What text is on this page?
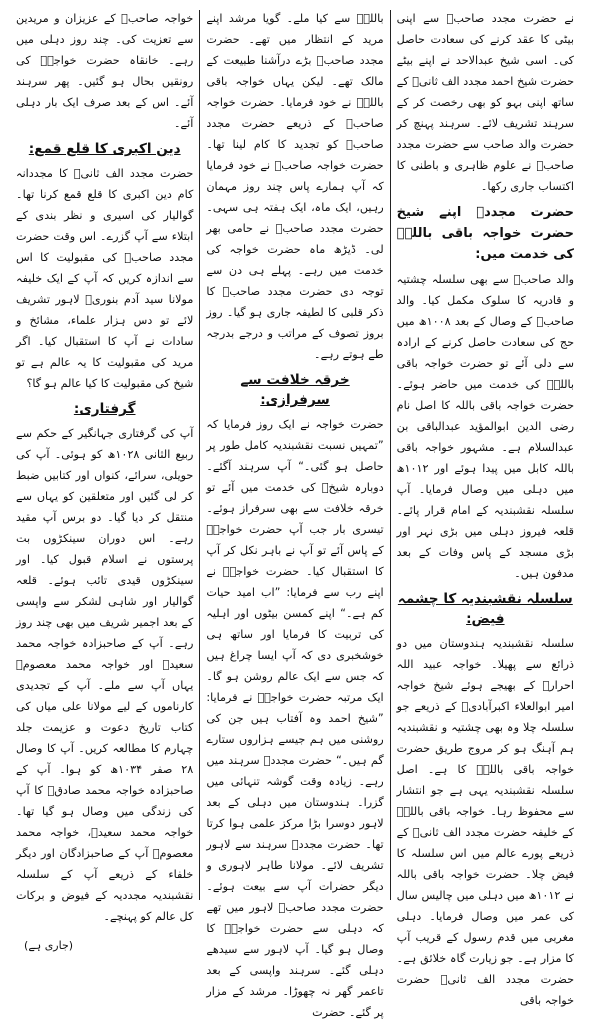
نے حضرت مجدد صاحبؒ سے اپنی بیٹی کا عقد کرنے کی سعادت حاصل کی۔ اسی شیخ عبدالاحد نے اپنے بیٹے حضرت شیخ احمد مجدد الف ثانیؒ کے ساتھ اپنی بہو کو بھی رخصت کر کے سرہند تشریف لائے۔ سرہند پہنچ کر حضرت والد صاحب سے حضرت مجدد صاحبؒ نے علوم ظاہری و باطنی کا اکتساب جاری رکھا۔

حضرت مجددؒ اپنے شیخ حضرت خواجہ باقی باللہؒ کی خدمت میں:

والد صاحبؒ سے بھی سلسلہ چشتیہ و قادریہ کا سلوک مکمل کیا۔ والد صاحبؒ کے وصال کے بعد ۱۰۰۸ھ میں حج کی سعادت حاصل کرنے کے ارادہ سے دلی آئے تو حضرت خواجہ باقی باللہؒ کی خدمت میں حاضر ہوئے۔ حضرت خواجہ باقی باللہ کا اصل نام رضی الدین ابوالمؤید عبدالباقی بن عبدالسلام ہے۔ مشہور خواجہ باقی باللہ کابل میں پیدا ہوئے اور ۱۰۱۲ھ میں دہلی میں وصال فرمایا۔ آپ سلسلہ نقشبندیہ کے امام قرار پائے۔ قلعہ فیروز دہلی میں بڑی نہر اور بڑی مسجد کے پاس وفات کے بعد مدفون ہیں۔

سلسلہ نقشبندیہ کا چشمہ فیض:

سلسلہ نقشبندیہ ہندوستان میں دو ذرائع سے پھیلا۔ خواجہ عبید اللہ احرارؒ کے بھیجے ہوئے شیخ خواجہ امیر ابوالعلاء اکبرآبادیؒ کے ذریعے جو سلسلہ چلا وہ بھی چشتیہ و نقشبندیہ ہم آہنگ ہو کر مروج طریق حضرت خواجہ باقی باللہؒ کا ہے۔ اصل سلسلہ نقشبندیہ یہی ہے جو انتشار سے محفوظ رہا۔ خواجہ باقی باللہؒ کے خلیفہ حضرت مجدد الف ثانیؒ کے ذریعے پورے عالم میں اس سلسلہ کا فیض چلا۔ حضرت خواجہ باقی باللہ نے ۱۰۱۲ھ میں دہلی میں چالیس سال کی عمر میں وصال فرمایا۔ دہلی مغربی میں قدم رسول کے قریب آپ کا مزار ہے۔ جو زیارت گاہ خلائق ہے۔ حضرت مجدد الف ثانیؒ حضرت خواجہ باقی

باللہؒ سے کیا ملے۔ گویا مرشد اپنے مرید کے انتظار میں تھے۔ حضرت مجدد صاحبؒ بڑے درآشنا طبیعت کے مالک تھے۔ لیکن یہاں خواجہ باقی باللہؒ نے خود فرمایا۔ حضرت خواجہ صاحبؒ کے ذریعے حضرت مجدد صاحبؒ کو تجدید کا کام لینا تھا۔ حضرت خواجہ صاحبؒ نے خود فرمایا کہ آپ ہمارے پاس چند روز مہمان رہیں، ایک ماہ، ایک ہفتہ ہی سہی۔ حضرت مجدد صاحبؒ نے حامی بھر لی۔ ڈیڑھ ماہ حضرت خواجہ کی خدمت میں رہے۔ پہلے ہی دن سے توجہ دی حضرت مجدد صاحبؒ کا ذکر قلبی کا لطیفہ جاری ہو گیا۔ روز بروز تصوف کے مراتب و درجے بدرجہ طے ہوتے رہے۔

خرقہ خلافت سے سرفرازی:

حضرت خواجہ نے ایک روز فرمایا کہ ”تمہیں نسبت نقشبندیہ کامل طور پر حاصل ہو گئی۔“ آپ سرہند آگئے۔ دوبارہ شیخؒ کی خدمت میں آئے تو خرقہ خلافت سے بھی سرفراز ہوئے۔ تیسری بار جب آپ حضرت خواجہؒ کے پاس آئے تو آپ نے باہر نکل کر آپ کا استقبال کیا۔ حضرت خواجہؒ نے اپنے رب سے فرمایا: ”اب امید حیات کم ہے۔“ اپنے کمسن بیٹوں اور اہلیہ کی تربیت کا فرمایا اور ساتھ ہی خوشخبری دی کہ آپ ایسا چراغ ہیں کہ جس سے ایک عالم روشن ہو گا۔ ایک مرتبہ حضرت خواجہؒ نے فرمایا: ”شیخ احمد وہ آفتاب ہیں جن کی روشنی میں ہم جیسے ہزاروں ستارے گم ہیں۔“ حضرت مجددؒ سرہند میں رہے۔ زیادہ وقت گوشہ تنہائی میں گزرا۔ ہندوستان میں دہلی کے بعد لاہور دوسرا بڑا مرکز علمی ہوا کرتا تھا۔ حضرت مجددؒ سرہند سے لاہور تشریف لائے۔ مولانا طاہر لاہوری و دیگر حضرات آپ سے بیعت ہوئے۔ حضرت مجدد صاحبؒ لاہور میں تھے کہ دہلی سے حضرت خواجہؒ کا وصال ہو گیا۔ آپ لاہور سے سیدھے دہلی گئے۔ سرہند واپسی کے بعد تاعمر گھر نہ چھوڑا۔ مرشد کے مزار پر گئے۔ حضرت

خواجہ صاحبؒ کے عزیزان و مریدین سے تعزیت کی۔ چند روز دہلی میں رہے۔ خانقاہ حضرت خواجہؒ کی رونقیں بحال ہو گئیں۔ پھر سرہند آئے۔ اس کے بعد صرف ایک بار دہلی آئے۔

دین اکبری کا قلع قمع:

حضرت مجدد الف ثانیؒ کا مجددانہ کام دین اکبری کا قلع قمع کرنا تھا۔ گوالیار کی اسیری و نظر بندی کے ابتلاء سے آپ گزرے۔ اس وقت حضرت مجدد صاحبؒ کی مقبولیت کا اس سے اندازہ کریں کہ آپ کے ایک خلیفہ مولانا سید آدم بنوریؒ لاہور تشریف لائے تو دس ہزار علماء، مشائخ و سادات نے آپ کا استقبال کیا۔ اگر مرید کی مقبولیت کا یہ عالم ہے تو شیخ کی مقبولیت کا کیا عالم ہو گا؟

گرفتاری:

آپ کی گرفتاری جہانگیر کے حکم سے ربیع الثانی ۱۰۲۸ھ کو ہوئی۔ آپ کی حویلی، سرائے، کنواں اور کتابیں ضبط کر لی گئیں اور متعلقین کو یہاں سے منتقل کر دیا گیا۔ دو برس آپ مقید رہے۔ اس دوران سینکڑوں بت پرستوں نے اسلام قبول کیا۔ اور سینکڑوں قیدی تائب ہوئے۔ قلعہ گوالیار اور شاہی لشکر سے واپسی کے بعد اجمیر شریف میں بھی چند روز رہے۔ آپ کے صاحبزادہ خواجہ محمد سعیدؒ اور خواجہ محمد معصومؒ یہاں آپ سے ملے۔ آپ کے تجدیدی کارناموں کے لیے مولانا علی میاں کی کتاب تاریخ دعوت و عزیمت جلد چہارم کا مطالعہ کریں۔ آپ کا وصال ۲۸ صفر ۱۰۳۴ھ کو ہوا۔ آپ کے صاحبزادہ خواجہ محمد صادقؒ کا آپ کی زندگی میں وصال ہو گیا تھا۔ خواجہ محمد سعیدؒ، خواجہ محمد معصومؒ آپ کے صاحبزادگان اور دیگر خلفاء کے ذریعے آپ کے سلسلہ نقشبندیہ مجددیہ کے فیوض و برکات کل عالم کو پہنچے۔

(جاری ہے)
